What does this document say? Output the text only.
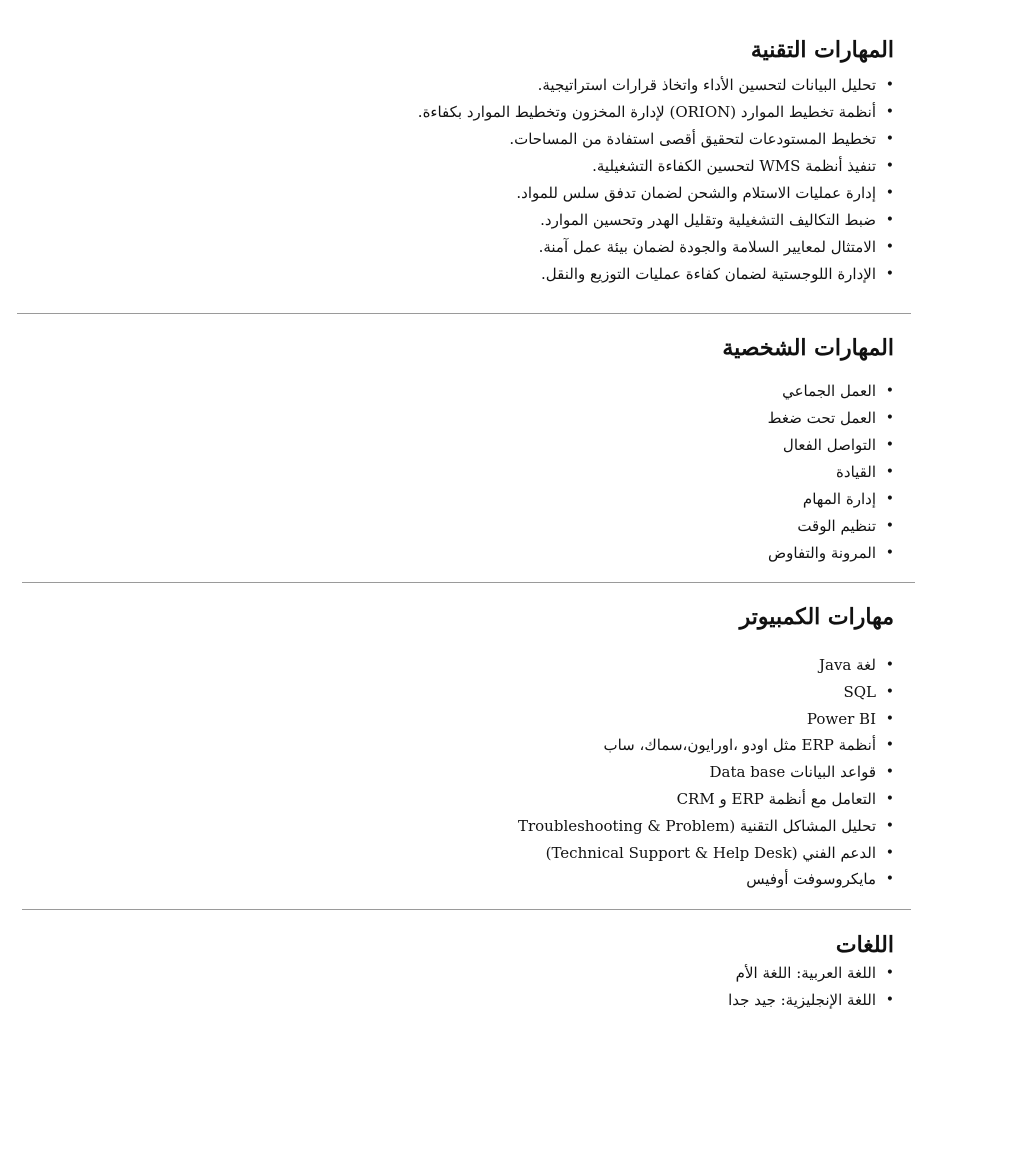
المهارات التقنية
• تحليل البيانات لتحسين الأداء واتخاذ قرارات استراتيجية.
• أنظمة تخطيط الموارد (ORION) لإدارة المخزون وتخطيط الموارد بكفاءة.
• تخطيط المستودعات لتحقيق أقصى استفادة من المساحات.
• تنفيذ أنظمة WMS لتحسين الكفاءة التشغيلية.
• إدارة عمليات الاستلام والشحن لضمان تدفق سلس للمواد.
• ضبط التكاليف التشغيلية وتقليل الهدر وتحسين الموارد.
• الامتثال لمعايير السلامة والجودة لضمان بيئة عمل آمنة.
• الإدارة اللوجستية لضمان كفاءة عمليات التوزيع والنقل.
المهارات الشخصية
• العمل الجماعي
• العمل تحت ضغط
• التواصل الفعال
• القيادة
• إدارة المهام
• تنظيم الوقت
• المرونة والتفاوض
مهارات الكمبيوتر
• لغة Java
• SQL
• Power BI
• أنظمة ERP مثل اودو ،اورايون،سماك، ساب
• قواعد البيانات Data base
• التعامل مع أنظمة ERP و CRM
• تحليل المشاكل التقنية (Troubleshooting & Problem
• الدعم الفني (Technical Support & Help Desk)
• مايكروسوفت أوفيس
اللغات
• اللغة العربية: اللغة الأم
• اللغة الإنجليزية: جيد جدا
